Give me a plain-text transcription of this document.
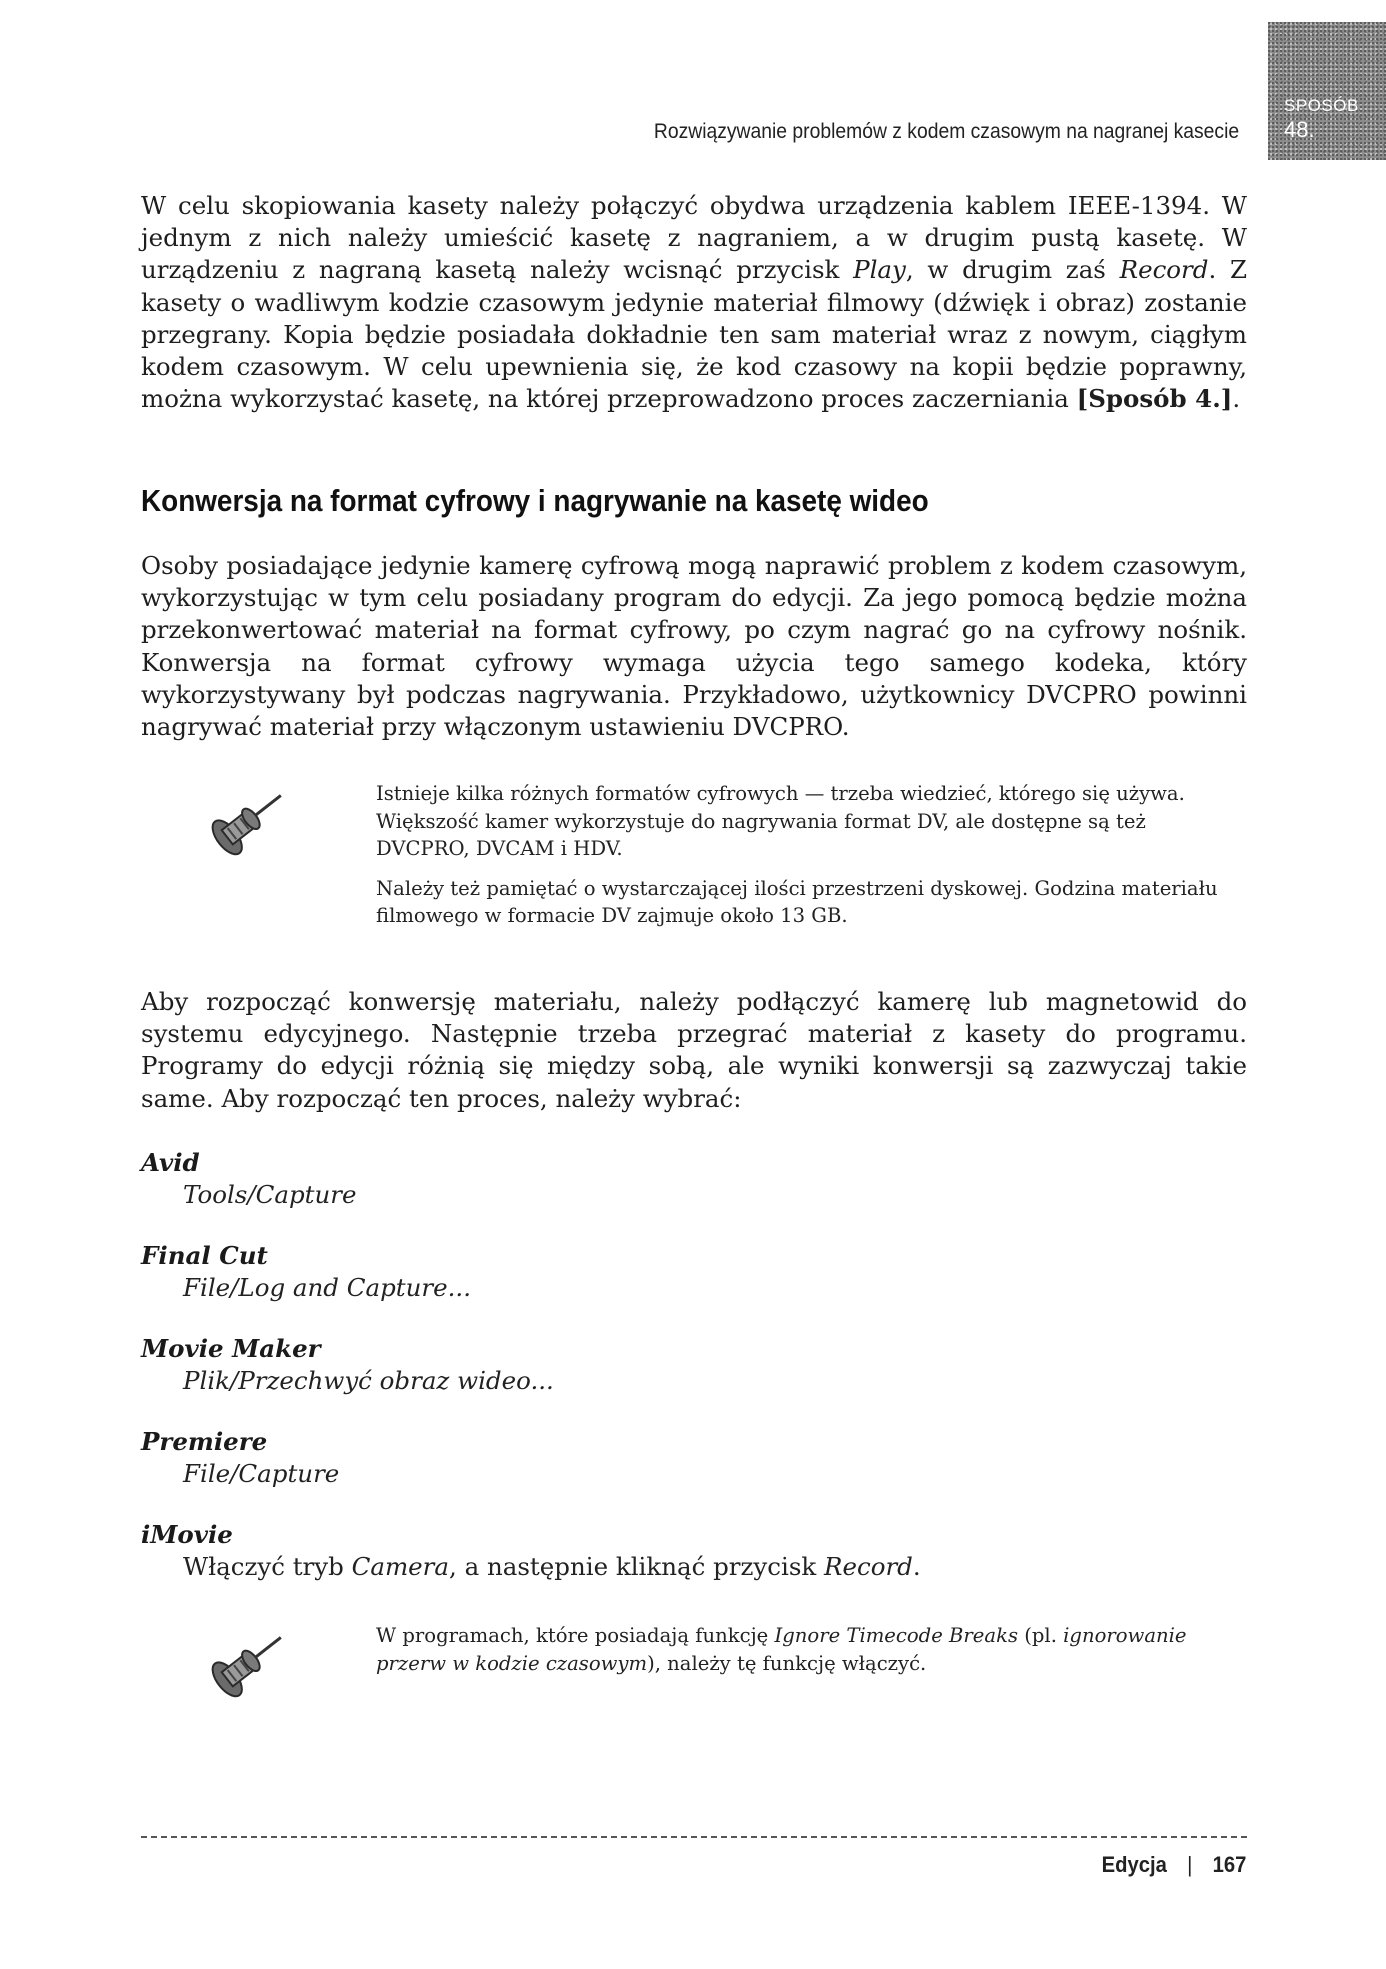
SPOSÓB
48.
Rozwiązywanie problemów z kodem czasowym na nagranej kasecie

W celu skopiowania kasety należy połączyć obydwa urządzenia kablem IEEE-1394. W jednym z nich należy umieścić kasetę z nagraniem, a w drugim pustą kasetę. W urządzeniu z nagraną kasetą należy wcisnąć przycisk Play, w drugim zaś Record. Z kasety o wadliwym kodzie czasowym jedynie materiał filmowy (dźwięk i obraz) zostanie przegrany. Kopia będzie posiadała dokładnie ten sam materiał wraz z nowym, ciągłym kodem czasowym. W celu upewnienia się, że kod czasowy na kopii będzie poprawny, można wykorzystać kasetę, na której przeprowadzono proces zaczerniania [Sposób 4.].

Konwersja na format cyfrowy i nagrywanie na kasetę wideo

Osoby posiadające jedynie kamerę cyfrową mogą naprawić problem z kodem czasowym, wykorzystując w tym celu posiadany program do edycji. Za jego pomocą będzie można przekonwertować materiał na format cyfrowy, po czym nagrać go na cyfrowy nośnik. Konwersja na format cyfrowy wymaga użycia tego samego kodeka, który wykorzystywany był podczas nagrywania. Przykładowo, użytkownicy DVCPRO powinni nagrywać materiał przy włączonym ustawieniu DVCPRO.

Istnieje kilka różnych formatów cyfrowych — trzeba wiedzieć, którego się używa. Większość kamer wykorzystuje do nagrywania format DV, ale dostępne są też DVCPRO, DVCAM i HDV.

Należy też pamiętać o wystarczającej ilości przestrzeni dyskowej. Godzina materiału filmowego w formacie DV zajmuje około 13 GB.

Aby rozpocząć konwersję materiału, należy podłączyć kamerę lub magnetowid do systemu edycyjnego. Następnie trzeba przegrać materiał z kasety do programu. Programy do edycji różnią się między sobą, ale wyniki konwersji są zazwyczaj takie same. Aby rozpocząć ten proces, należy wybrać:

Avid
Tools/Capture
Final Cut
File/Log and Capture...
Movie Maker
Plik/Przechwyć obraz wideo...
Premiere
File/Capture
iMovie
Włączyć tryb Camera, a następnie kliknąć przycisk Record.

W programach, które posiadają funkcję Ignore Timecode Breaks (pl. ignorowanie przerw w kodzie czasowym), należy tę funkcję włączyć.

Edycja | 167
